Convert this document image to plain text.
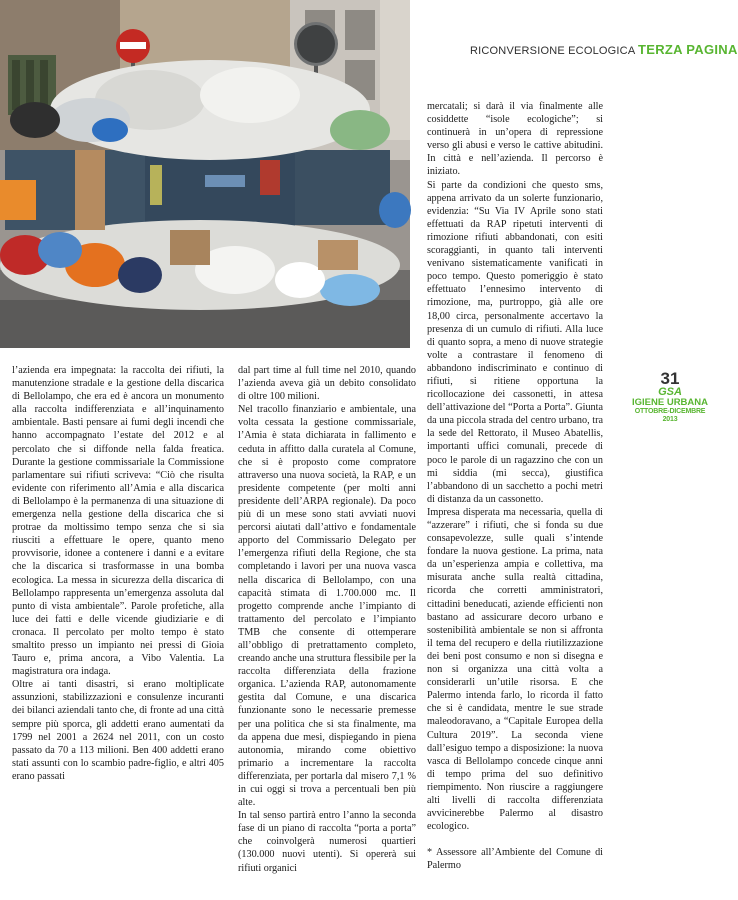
RICONVERSIONE ECOLOGICA TERZA PAGINA
31
GSA
IGIENE URBANA
OTTOBRE-DICEMBRE 2013

l’azienda era impegnata: la raccolta dei rifiuti, la manutenzione stradale e la gestione della discarica di Bellolampo, che era ed è ancora un monumento alla raccolta indifferenziata e all’inquinamento ambientale. Basti pensare ai fumi degli incendi che hanno accompagnato l’estate del 2012 e al percolato che si diffonde nella falda freatica. Durante la gestione commissariale la Commissione parlamentare sui rifiuti scriveva: “Ciò che risulta evidente con riferimento all’Amia e alla discarica di Bellolampo è la permanenza di una situazione di emergenza nella gestione della discarica che si protrae da moltissimo tempo senza che si sia riusciti a effettuare le opere, quanto meno provvisorie, idonee a contenere i danni e a evitare che la discarica si trasformasse in una bomba ecologica. La messa in sicurezza della discarica di Bellolampo rappresenta un’emergenza assoluta dal punto di vista ambientale”. Parole profetiche, alla luce dei fatti e delle vicende giudiziarie e di cronaca. Il percolato per molto tempo è stato smaltito presso un impianto nei pressi di Gioia Tauro e, prima ancora, a Vibo Valentia. La magistratura ora indaga.

Oltre ai tanti disastri, si erano moltiplicate assunzioni, stabilizzazioni e consulenze incuranti dei bilanci aziendali tanto che, di fronte ad una città sempre più sporca, gli addetti erano aumentati da 1799 nel 2001 a 2624 nel 2011, con un costo passato da 70 a 113 milioni. Ben 400 addetti erano stati assunti con lo scambio padre-figlio, e altri 405 erano passati

dal part time al full time nel 2010, quando l’azienda aveva già un debito consolidato di oltre 100 milioni.

Nel tracollo finanziario e ambientale, una volta cessata la gestione commissariale, l’Amia è stata dichiarata in fallimento e ceduta in affitto dalla curatela al Comune, che si è proposto come compratore attraverso una nuova società, la RAP, e un presidente competente (per molti anni presidente dell’ARPA regionale). Da poco più di un mese sono stati avviati nuovi percorsi aiutati dall’attivo e fondamentale apporto del Commissario Delegato per l’emergenza rifiuti della Regione, che sta completando i lavori per una nuova vasca nella discarica di Bellolampo, con una capacità stimata di 1.700.000 mc. Il progetto comprende anche l’impianto di trattamento del percolato e l’impianto TMB che consente di ottemperare all’obbligo di pretrattamento completo, creando anche una struttura flessibile per la raccolta differenziata della frazione organica. L’azienda RAP, autonomamente gestita dal Comune, e una discarica funzionante sono le necessarie premesse per una politica che si sta finalmente, ma da appena due mesi, dispiegando in piena autonomia, mirando come obiettivo primario a incrementare la raccolta differenziata, per portarla dal misero 7,1 % in cui oggi si trova a percentuali ben più alte.

In tal senso partirà entro l’anno la seconda fase di un piano di raccolta “porta a porta” che coinvolgerà numerosi quartieri (130.000 nuovi utenti). Si opererà sui rifiuti organici

mercatali; si darà il via finalmente alle cosiddette “isole ecologiche”; si continuerà in un’opera di repressione verso gli abusi e verso le cattive abitudini. In città e nell’azienda. Il percorso è iniziato.

Si parte da condizioni che questo sms, appena arrivato da un solerte funzionario, evidenzia: “Su Via IV Aprile sono stati effettuati da RAP ripetuti interventi di rimozione rifiuti abbandonati, con esiti scoraggianti, in quanto tali interventi venivano sistematicamente vanificati in poco tempo. Questo pomeriggio è stato effettuato l’ennesimo intervento di rimozione, ma, purtroppo, già alle ore 18,00 circa, personalmente accertavo la presenza di un cumulo di rifiuti. Alla luce di quanto sopra, a meno di nuove strategie volte a contrastare il fenomeno di abbandono indiscriminato e continuo di rifiuti, si ritiene opportuna la ricollocazione dei cassonetti, in attesa dell’attivazione del “Porta a Porta”. Giunta da una piccola strada del centro urbano, tra la sede del Rettorato, il Museo Abatellis, importanti uffici comunali, precede di poco le parole di un ragazzino che con un mi siddia (mi secca), giustifica l’abbandono di un sacchetto a pochi metri di distanza da un cassonetto.

Impresa disperata ma necessaria, quella di “azzerare” i rifiuti, che si fonda su due consapevolezze, sulle quali s’intende fondare la nuova gestione. La prima, nata da un’esperienza ampia e collettiva, ma misurata anche sulla realtà cittadina, ricorda che corretti amministratori, cittadini beneducati, aziende efficienti non bastano ad assicurare decoro urbano e sostenibilità ambientale se non si affronta il tema del recupero e della riutilizzazione dei beni post consumo e non si disegna e non si organizza una città volta a considerarli un’utile risorsa. E che Palermo intenda farlo, lo ricorda il fatto che si è candidata, mentre le sue strade maleodoravano, a “Capitale Europea della Cultura 2019”. La seconda viene dall’esiguo tempo a disposizione: la nuova vasca di Bellolampo concede cinque anni di tempo prima del suo definitivo riempimento. Non riuscire a raggiungere alti livelli di raccolta differenziata avvicinerebbe Palermo al disastro ecologico.

* Assessore all’Ambiente del Comune di Palermo
